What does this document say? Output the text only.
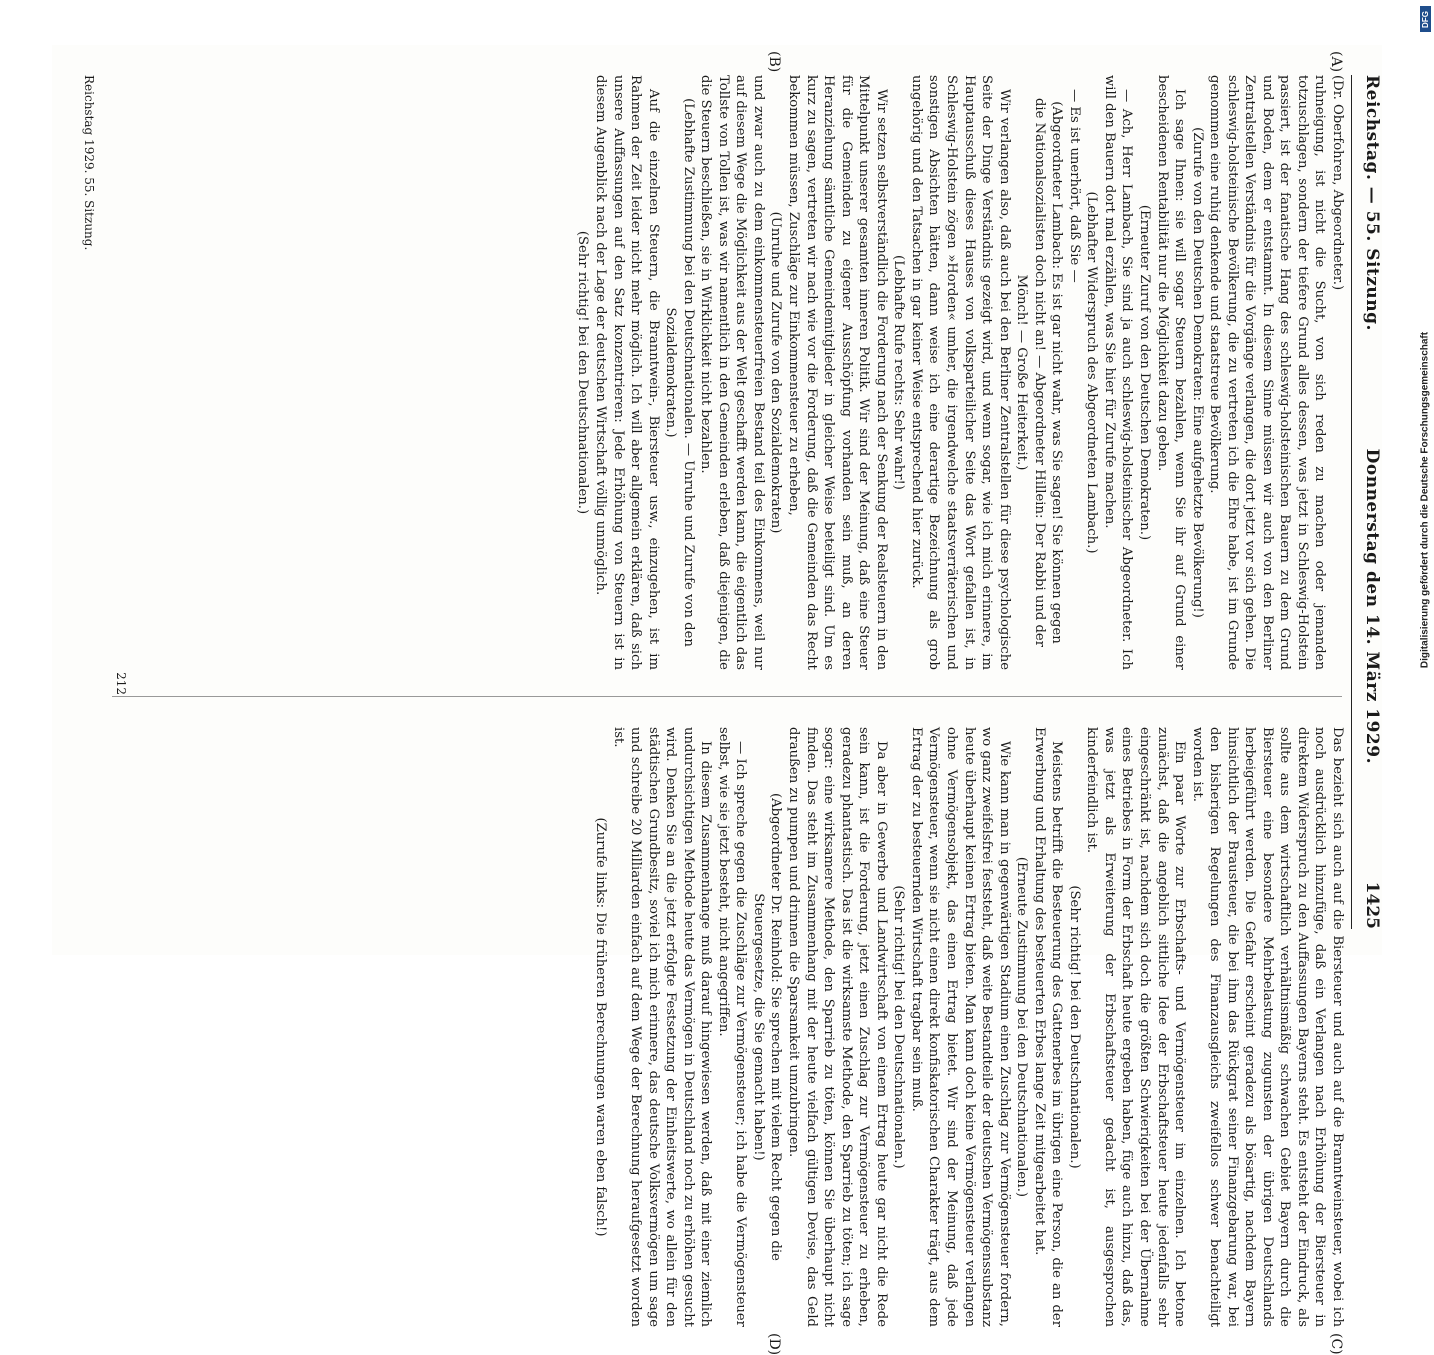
Reichstag. — 55. Sitzung.
Donnerstag den 14. März 1929.
1425
(A)
(B)
(C)
(D)

(Dr. Oberfohren, Abgeordneter.)

ruhneigung, ist nicht die Sucht, von sich reden zu machen oder jemanden totzuschlagen, sondern der tiefere Grund alles dessen, was jetzt in Schleswig-Holstein passiert, ist der fanatische Hang des schleswig-holsteinischen Bauern zu dem Grund und Boden, dem er entstammt. In diesem Sinne müssen wir auch von den Berliner Zentralstellen Verständnis für die Vorgänge verlangen, die dort jetzt vor sich gehen. Die schleswig-holsteinische Bevölkerung, die zu vertreten ich die Ehre habe, ist im Grunde genommen eine ruhig denkende und staatstreue Bevölkerung.

(Zurufe von den Deutschen Demokraten: Eine aufgehetzte Bevölkerung!)

Ich sage Ihnen: sie will sogar Steuern bezahlen, wenn Sie ihr auf Grund einer bescheidenen Rentabilität nur die Möglichkeit dazu geben.

(Erneuter Zuruf von den Deutschen Demokraten.)

— Ach, Herr Lambach, Sie sind ja auch schleswig-holsteinischer Abgeordneter. Ich will den Bauern dort mal erzählen, was Sie hier für Zurufe machen.

(Lebhafter Widerspruch des Abgeordneten Lambach.)

— Es ist unerhört, daß Sie —

(Abgeordneter Lambach: Es ist gar nicht wahr, was Sie sagen! Sie können gegen die Nationalsozialisten doch nicht an! — Abgeordneter Hillein: Der Rabbi und der Mönch! — Große Heiterkeit.)

Wir verlangen also, daß auch bei den Berliner Zentralstellen für diese psychologische Seite der Dinge Verständnis gezeigt wird, und wenn sogar, wie ich mich erinnere, im Hauptausschuß dieses Hauses von volksparteilicher Seite das Wort gefallen ist, in Schleswig-Holstein zögen »Horden« umher, die irgendwelche staatsverräterischen und sonstigen Absichten hätten, dann weise ich eine derartige Bezeichnung als grob ungehörig und den Tatsachen in gar keiner Weise entsprechend hier zurück.

(Lebhafte Rufe rechts: Sehr wahr!)

Wir setzen selbstverständlich die Forderung nach der Senkung der Realsteuern in den Mittelpunkt unserer gesamten inneren Politik. Wir sind der Meinung, daß eine Steuer für die Gemeinden zu eigener Ausschöpfung vorhanden sein muß, an deren Heranziehung sämtliche Gemeindemitglieder in gleicher Weise beteiligt sind. Um es kurz zu sagen, vertreten wir nach wie vor die Forderung, daß die Gemeinden das Recht bekommen müssen, Zuschläge zur Einkommensteuer zu erheben,

(Unruhe und Zurufe von den Sozialdemokraten)

und zwar auch zu dem einkommensteuerfreien Bestand teil des Einkommens, weil nur auf diesem Wege die Möglichkeit aus der Welt geschafft werden kann, die eigentlich das Tollste von Tollen ist, was wir namentlich in den Gemeinden erleben, daß diejenigen, die die Steuern beschließen, sie in Wirklichkeit nicht bezahlen.

(Lebhafte Zustimmung bei den Deutschnationalen. — Unruhe und Zurufe von den Sozialdemokraten.)

Auf die einzelnen Steuern, die Branntwein-, Biersteuer usw., einzugehen, ist im Rahmen der Zeit leider nicht mehr möglich. Ich will aber allgemein erklären, daß sich unsere Auffassungen auf den Satz konzentrieren: Jede Erhöhung von Steuern ist in diesem Augenblick nach der Lage der deutschen Wirtschaft völlig unmöglich.

(Sehr richtig! bei den Deutschnationalen.)

Das bezieht sich auch auf die Biersteuer und auch auf die Branntweinsteuer, wobei ich noch ausdrücklich hinzufüge, daß ein Verlangen nach Erhöhung der Biersteuer in direktem Widerspruch zu den Auffassungen Bayerns steht. Es entsteht der Eindruck, als sollte aus dem wirtschaftlich verhältnismäßig schwachen Gebiet Bayern durch die Biersteuer eine besondere Mehrbelastung zugunsten der übrigen Deutschlands herbeigeführt werden. Die Gefahr erscheint geradezu als bösartig, nachdem Bayern hinsichtlich der Brausteuer, die bei ihm das Rückgrat seiner Finanzgebarung war, bei den bisherigen Regelungen des Finanzausgleichs zweifellos schwer benachteiligt worden ist.

Ein paar Worte zur Erbschafts- und Vermögensteuer im einzelnen. Ich betone zunächst, daß die angeblich sittliche Idee der Erbschaftsteuer heute jedenfalls sehr eingeschränkt ist, nachdem sich doch die größten Schwierigkeiten bei der Übernahme eines Betriebes in Form der Erbschaft heute ergeben haben, füge auch hinzu, daß das, was jetzt als Erweiterung der Erbschaftsteuer gedacht ist, ausgesprochen kinderfeindlich ist.

(Sehr richtig! bei den Deutschnationalen.)

Meistens betrifft die Besteuerung des Gattenerbes im übrigen eine Person, die an der Erwerbung und Erhaltung des besteuerten Erbes lange Zeit mitgearbeitet hat.

(Erneute Zustimmung bei den Deutschnationalen.)

Wie kann man in gegenwärtigen Stadium einen Zuschlag zur Vermögensteuer fordern, wo ganz zweifelsfrei feststeht, daß weite Bestandteile der deutschen Vermögenssubstanz heute überhaupt keinen Ertrag bieten. Man kann doch keine Vermögensteuer verlangen ohne Vermögensobjekt, das einen Ertrag bietet. Wir sind der Meinung, daß jede Vermögensteuer, wenn sie nicht einen direkt konfiskatorischen Charakter trägt, aus dem Ertrag der zu besteuernden Wirtschaft tragbar sein muß.

(Sehr richtig! bei den Deutschnationalen.)

Da aber in Gewerbe und Landwirtschaft von einem Ertrag heute gar nicht die Rede sein kann, ist die Forderung, jetzt einen Zuschlag zur Vermögensteuer zu erheben, geradezu phantastisch. Das ist die wirksamste Methode, den Sparrieb zu töten; ich sage sogar: eine wirksamere Methode, den Sparrieb zu töten, können Sie überhaupt nicht finden. Das steht im Zusammenhang mit der heute vielfach gültigen Devise, das Geld draußen zu pumpen und drinnen die Sparsamkeit umzubringen.

(Abgeordneter Dr. Reinhold: Sie sprechen mit vielem Recht gegen die Steuergesetze, die Sie gemacht haben!)

— Ich spreche gegen die Zuschläge zur Vermögensteuer; ich habe die Vermögensteuer selbst, wie sie jetzt besteht, nicht angegriffen.

In diesem Zusammenhange muß darauf hingewiesen werden, daß mit einer ziemlich undurchsichtigen Methode heute das Vermögen in Deutschland noch zu erhöhen gesucht wird. Denken Sie an die jetzt erfolgte Festsetzung der Einheitswerte, wo allein für den städtischen Grundbesitz, soviel ich mich erinnere, das deutsche Volksvermögen um sage und schreibe 20 Milliarden einfach auf dem Wege der Berechnung heraufgesetzt worden ist.

(Zurufe links: Die früheren Berechnungen waren eben falsch!)

Reichstag 1929. 55. Sitzung.
212
DFG
Digitalisierung gefördert durch die Deutsche Forschungsgemeinschaft
